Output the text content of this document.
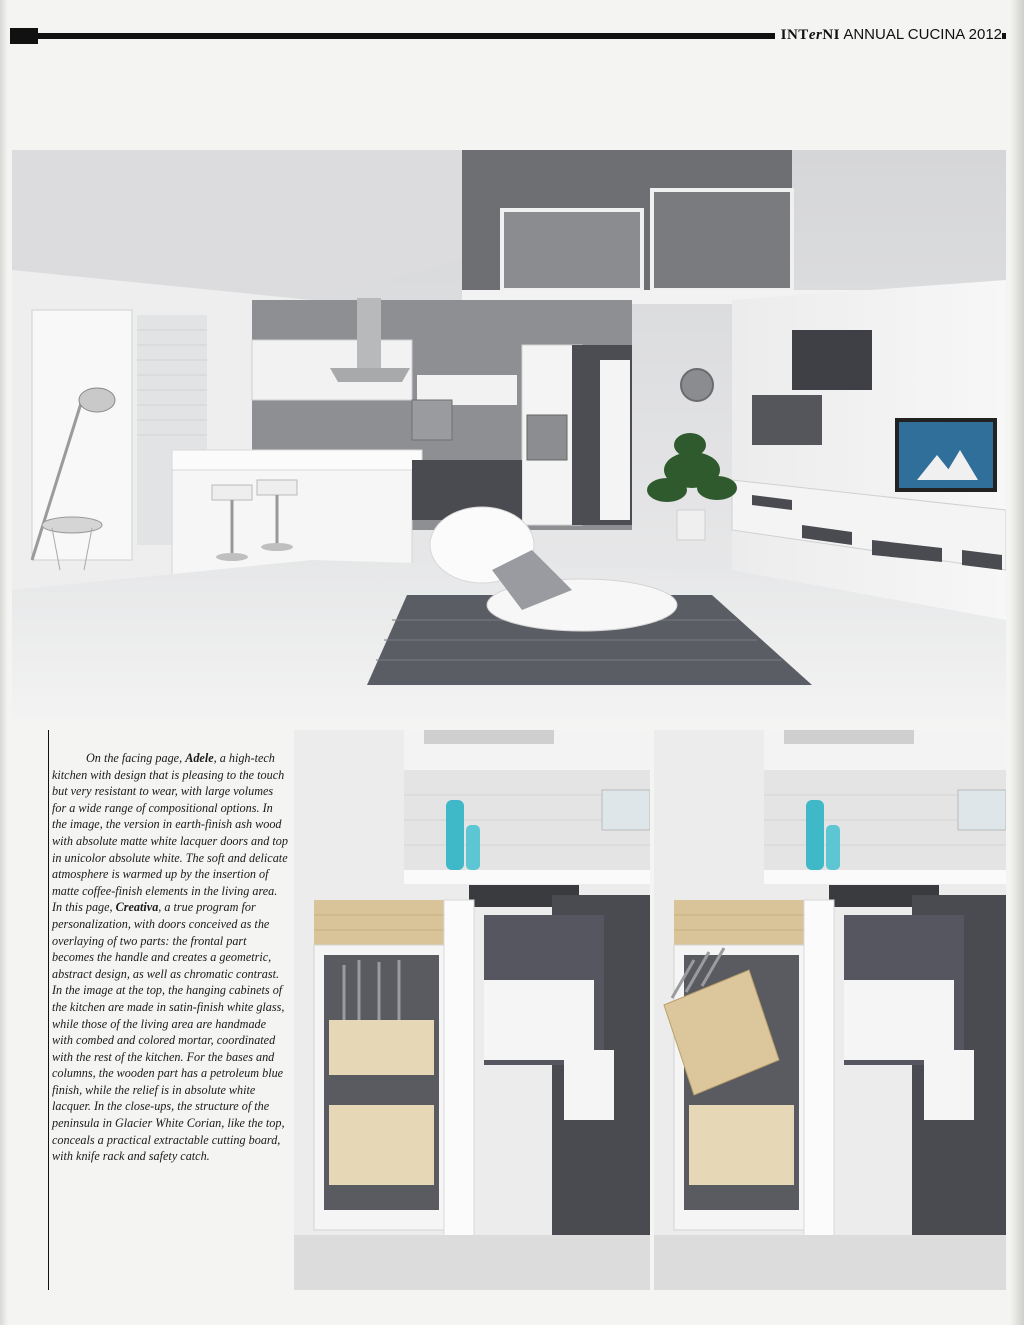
INTerNI ANNUAL CUCINA 2012

On the facing page, Adele, a high-tech kitchen with design that is pleasing to the touch but very resistant to wear, with large volumes for a wide range of compositional options. In the image, the version in earth-finish ash wood with absolute matte white lacquer doors and top in unicolor absolute white. The soft and delicate atmosphere is warmed up by the insertion of matte coffee-finish elements in the living area. In this page, Creativa, a true program for personalization, with doors conceived as the overlaying of two parts: the frontal part becomes the handle and creates a geometric, abstract design, as well as chromatic contrast. In the image at the top, the hanging cabinets of the kitchen are made in satin-finish white glass, while those of the living area are handmade with combed and colored mortar, coordinated with the rest of the kitchen. For the bases and columns, the wooden part has a petroleum blue finish, while the relief is in absolute white lacquer. In the close-ups, the structure of the peninsula in Glacier White Corian, like the top, conceals a practical extractable cutting board, with knife rack and safety catch.
